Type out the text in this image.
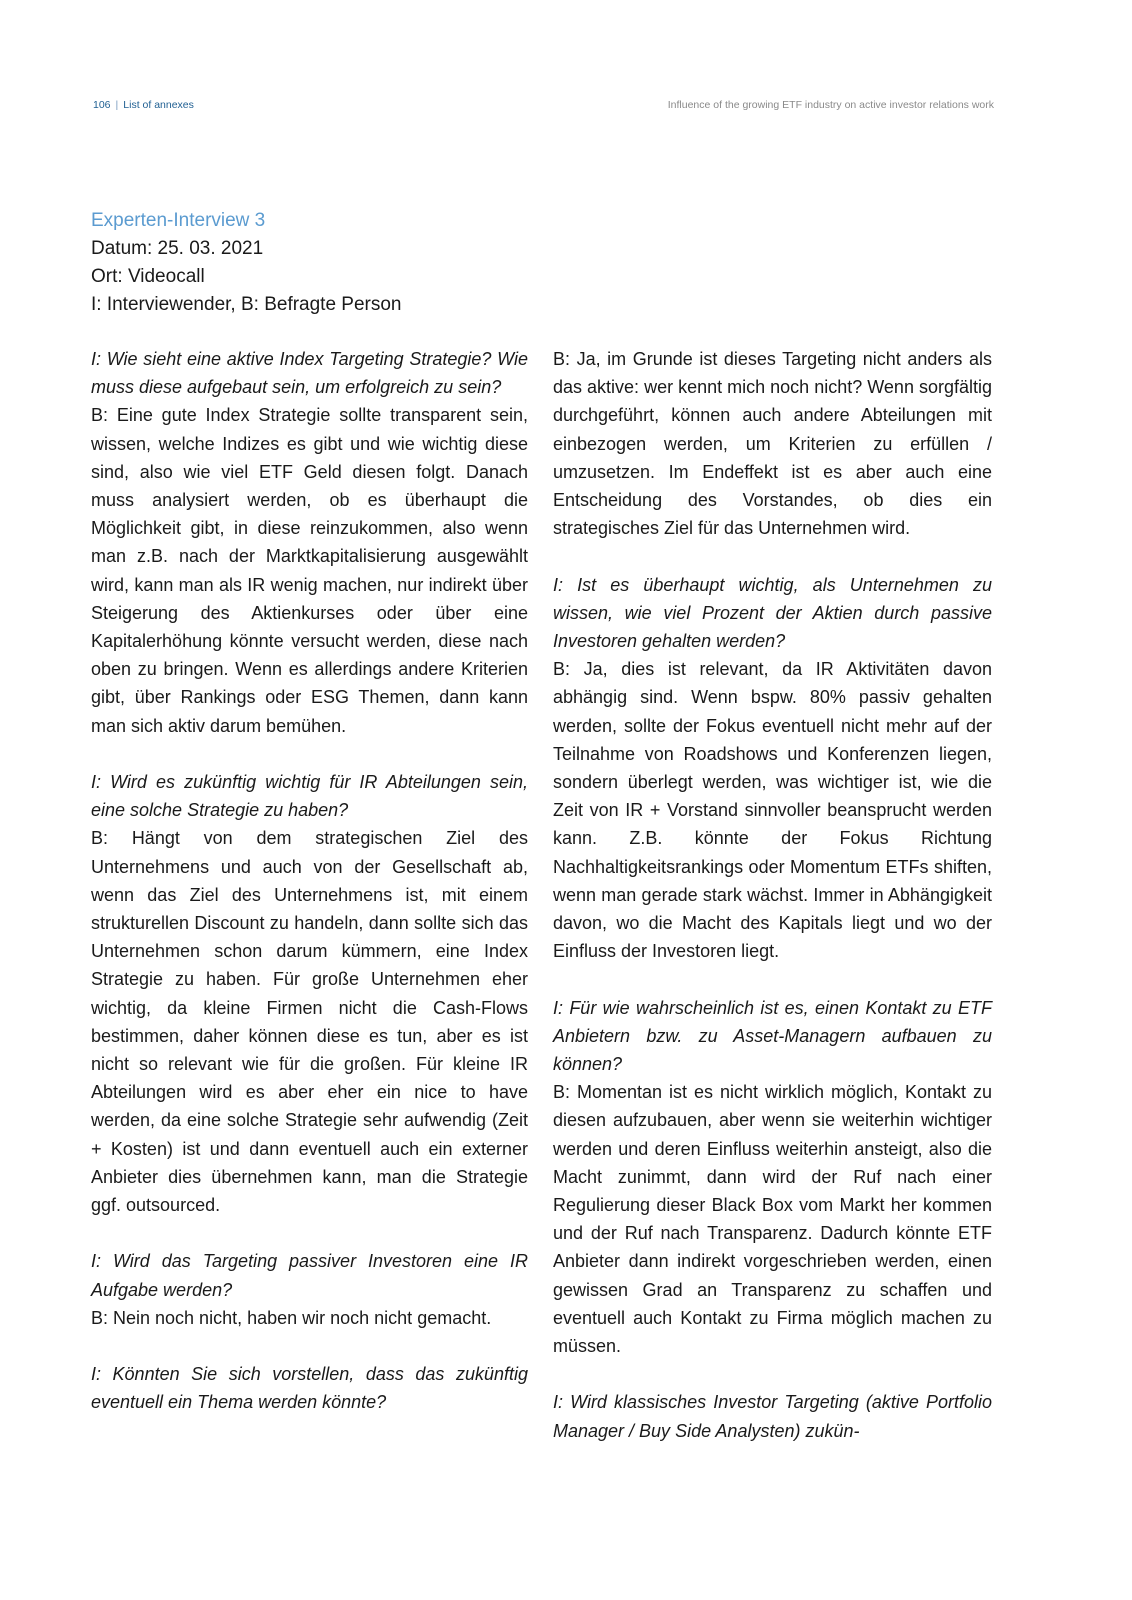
106 | List of annexes	Influence of the growing ETF industry on active investor relations work
Experten-Interview 3
Datum: 25. 03. 2021
Ort: Videocall
I: Interviewender, B: Befragte Person

I: Wie sieht eine aktive Index Targeting Strategie? Wie muss diese aufgebaut sein, um erfolgreich zu sein?

B: Eine gute Index Strategie sollte transparent sein, wissen, welche Indizes es gibt und wie wichtig diese sind, also wie viel ETF Geld diesen folgt. Danach muss analysiert werden, ob es überhaupt die Möglichkeit gibt, in diese reinzukommen, also wenn man z.B. nach der Marktkapitalisierung ausgewählt wird, kann man als IR wenig machen, nur indirekt über Steigerung des Aktienkurses oder über eine Kapitalerhöhung könnte versucht werden, diese nach oben zu bringen. Wenn es allerdings andere Kriterien gibt, über Rankings oder ESG Themen, dann kann man sich aktiv darum bemühen.

I: Wird es zukünftig wichtig für IR Abteilungen sein, eine solche Strategie zu haben?

B: Hängt von dem strategischen Ziel des Unternehmens und auch von der Gesellschaft ab, wenn das Ziel des Unternehmens ist, mit einem strukturellen Discount zu handeln, dann sollte sich das Unternehmen schon darum kümmern, eine Index Strategie zu haben. Für große Unternehmen eher wichtig, da kleine Firmen nicht die Cash-Flows bestimmen, daher können diese es tun, aber es ist nicht so relevant wie für die großen. Für kleine IR Abteilungen wird es aber eher ein nice to have werden, da eine solche Strategie sehr aufwendig (Zeit + Kosten) ist und dann eventuell auch ein externer Anbieter dies übernehmen kann, man die Strategie ggf. outsourced.

I: Wird das Targeting passiver Investoren eine IR Aufgabe werden?

B: Nein noch nicht, haben wir noch nicht gemacht.

I: Könnten Sie sich vorstellen, dass das zukünftig eventuell ein Thema werden könnte?

B: Ja, im Grunde ist dieses Targeting nicht anders als das aktive: wer kennt mich noch nicht? Wenn sorgfältig durchgeführt, können auch andere Abteilungen mit einbezogen werden, um Kriterien zu erfüllen / umzusetzen. Im Endeffekt ist es aber auch eine Entscheidung des Vorstandes, ob dies ein strategisches Ziel für das Unternehmen wird.

I: Ist es überhaupt wichtig, als Unternehmen zu wissen, wie viel Prozent der Aktien durch passive Investoren gehalten werden?

B: Ja, dies ist relevant, da IR Aktivitäten davon abhängig sind. Wenn bspw. 80% passiv gehalten werden, sollte der Fokus eventuell nicht mehr auf der Teilnahme von Roadshows und Konferenzen liegen, sondern überlegt werden, was wichtiger ist, wie die Zeit von IR + Vorstand sinnvoller beansprucht werden kann. Z.B. könnte der Fokus Richtung Nachhaltigkeitsrankings oder Momentum ETFs shiften, wenn man gerade stark wächst. Immer in Abhängigkeit davon, wo die Macht des Kapitals liegt und wo der Einfluss der Investoren liegt.

I: Für wie wahrscheinlich ist es, einen Kontakt zu ETF Anbietern bzw. zu Asset-Managern aufbauen zu können?

B: Momentan ist es nicht wirklich möglich, Kontakt zu diesen aufzubauen, aber wenn sie weiterhin wichtiger werden und deren Einfluss weiterhin ansteigt, also die Macht zunimmt, dann wird der Ruf nach einer Regulierung dieser Black Box vom Markt her kommen und der Ruf nach Transparenz. Dadurch könnte ETF Anbieter dann indirekt vorgeschrieben werden, einen gewissen Grad an Transparenz zu schaffen und eventuell auch Kontakt zu Firma möglich machen zu müssen.

I: Wird klassisches Investor Targeting (aktive Portfolio Manager / Buy Side Analysten) zukün-
